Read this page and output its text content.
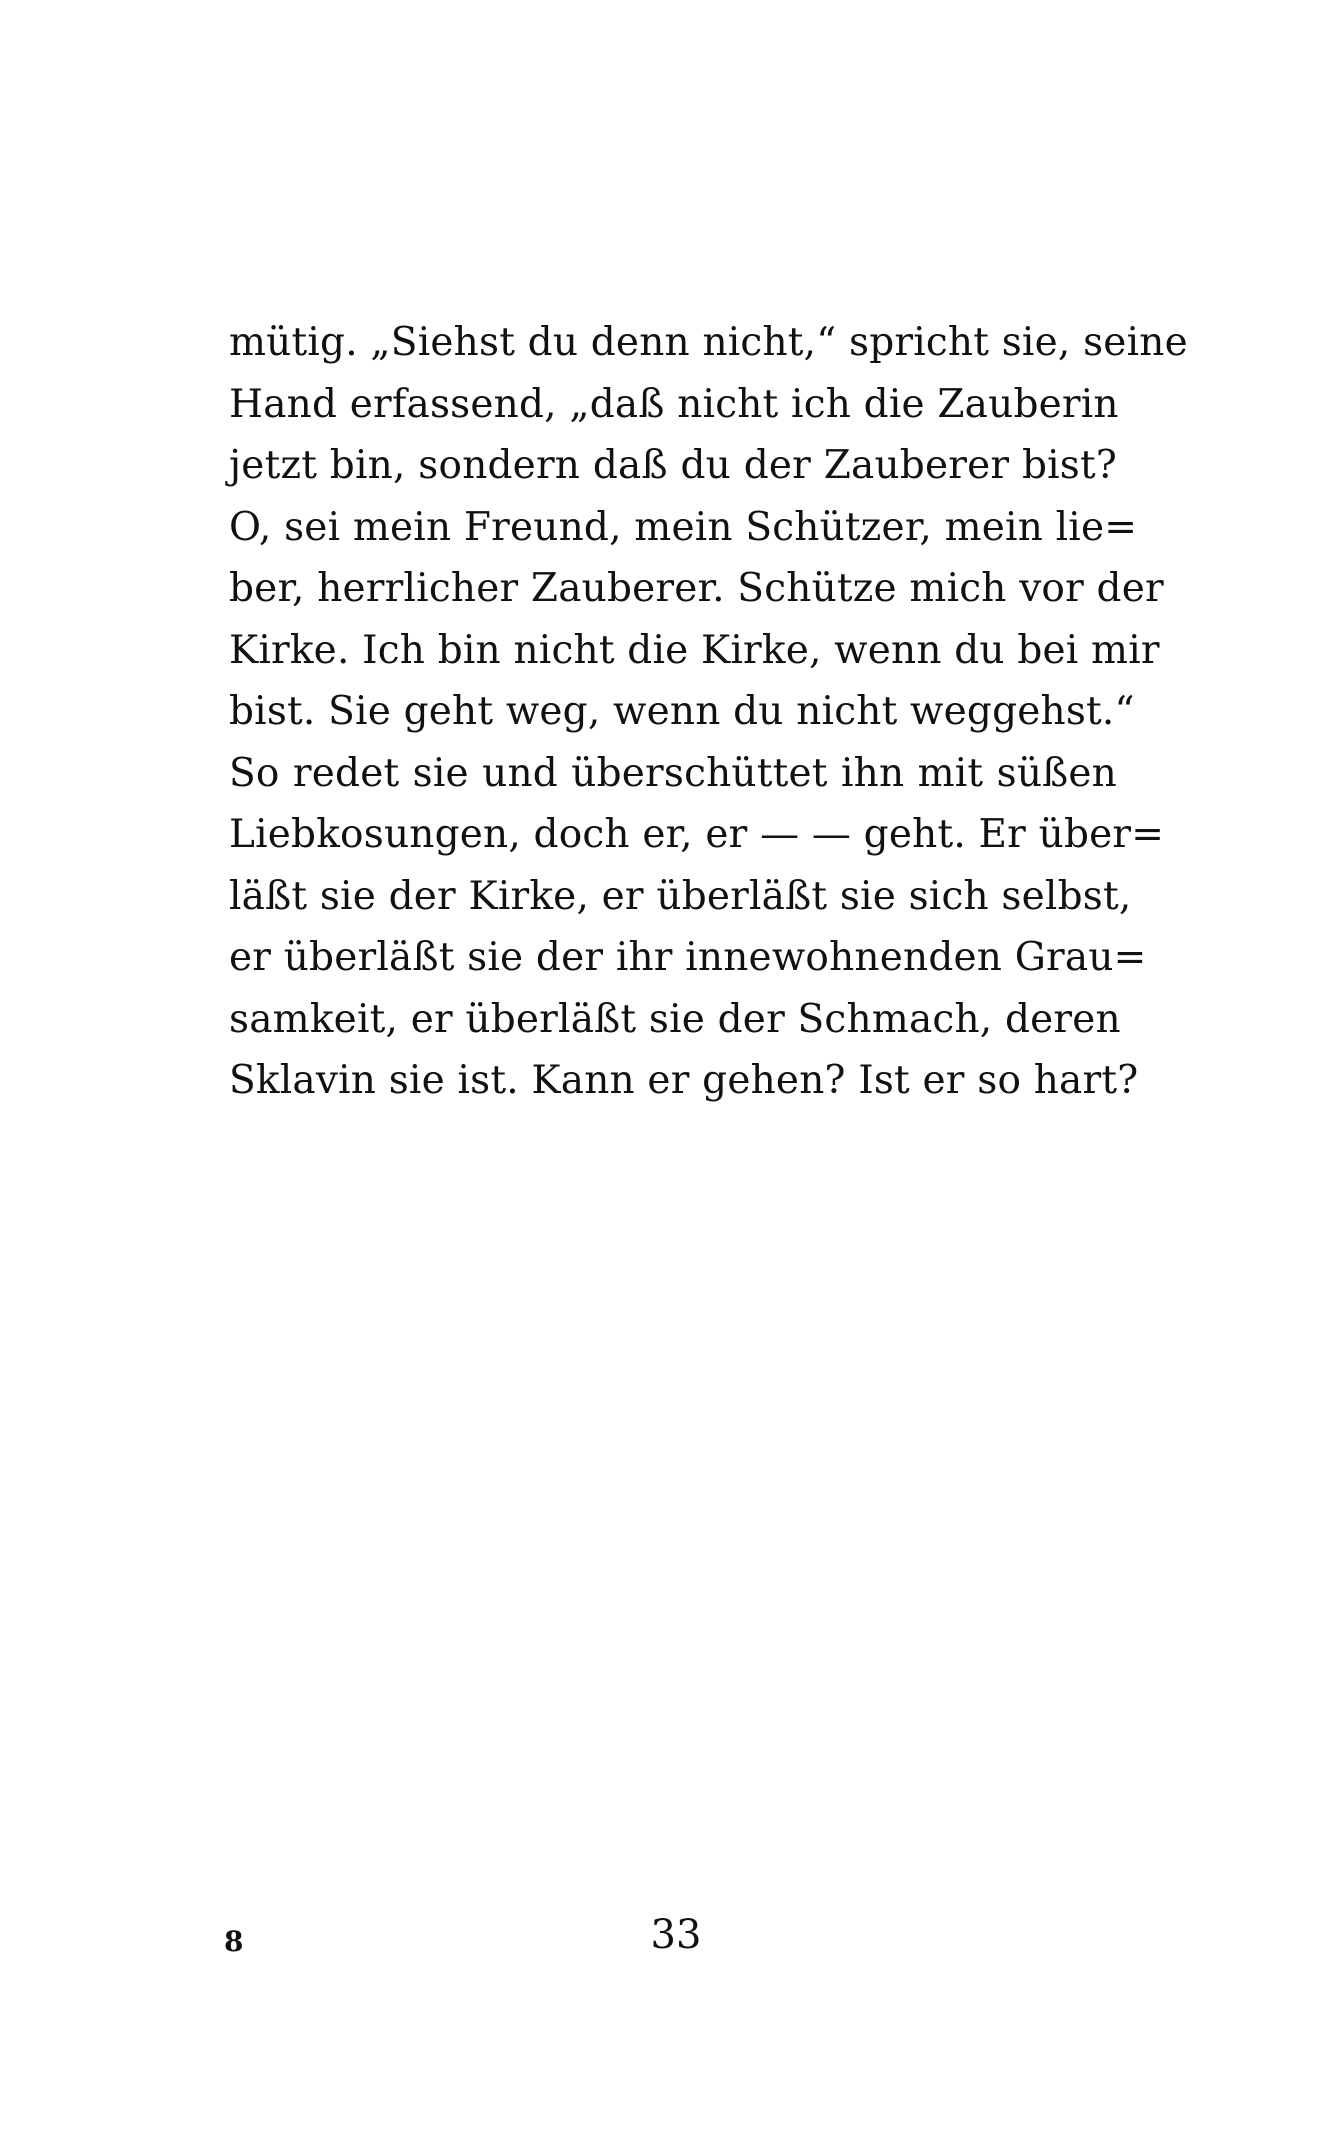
mütig. „Siehst du denn nicht,“ spricht sie, seine
Hand erfassend, „daß nicht ich die Zauberin
jetzt bin, sondern daß du der Zauberer bist?
O, sei mein Freund, mein Schützer, mein lie=
ber, herrlicher Zauberer. Schütze mich vor der
Kirke. Ich bin nicht die Kirke, wenn du bei mir
bist. Sie geht weg, wenn du nicht weggehst.“
So redet sie und überschüttet ihn mit süßen
Liebkosungen, doch er, er — — geht. Er über=
läßt sie der Kirke, er überläßt sie sich selbst,
er überläßt sie der ihr innewohnenden Grau=
samkeit, er überläßt sie der Schmach, deren
Sklavin sie ist. Kann er gehen? Ist er so hart?
8	33
